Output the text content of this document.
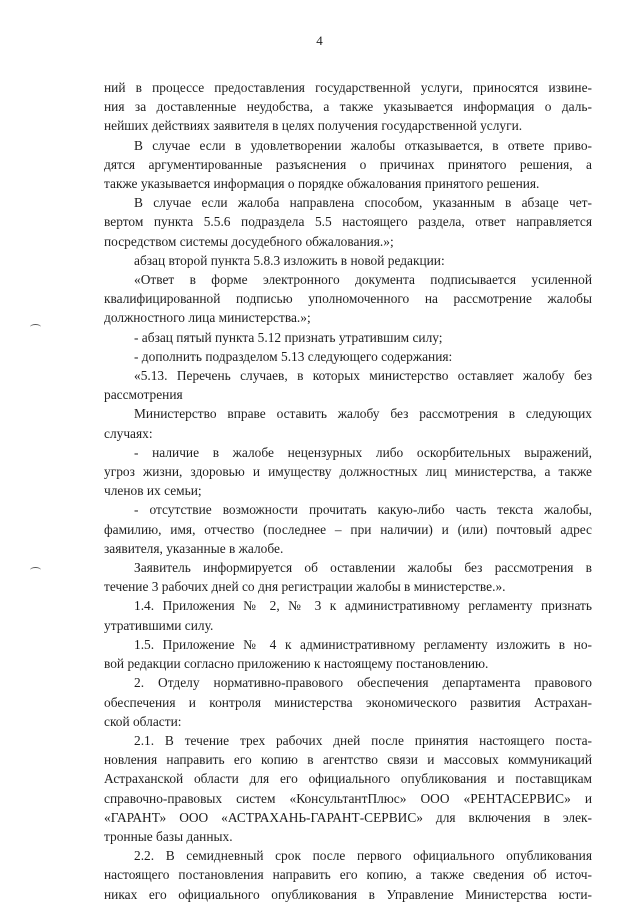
4
ний в процессе предоставления государственной услуги, приносятся извине-
ния за доставленные неудобства, а также указывается информация о даль-
нейших действиях заявителя в целях получения государственной услуги.
В случае если в удовлетворении жалобы отказывается, в ответе приво-
дятся аргументированные разъяснения о причинах принятого решения, а
также указывается информация о порядке обжалования принятого решения.
В случае если жалоба направлена способом, указанным в абзаце чет-
вертом пункта 5.5.6 подраздела 5.5 настоящего раздела, ответ направляется
посредством системы досудебного обжалования.»;
абзац второй пункта 5.8.3 изложить в новой редакции:
«Ответ в форме электронного документа подписывается усиленной
квалифицированной подписью уполномоченного на рассмотрение жалобы
должностного лица министерства.»;
- абзац пятый пункта 5.12 признать утратившим силу;
- дополнить подразделом 5.13 следующего содержания:
«5.13. Перечень случаев, в которых министерство оставляет жалобу без
рассмотрения
Министерство вправе оставить жалобу без рассмотрения в следующих
случаях:
- наличие в жалобе нецензурных либо оскорбительных выражений,
угроз жизни, здоровью и имуществу должностных лиц министерства, а также
членов их семьи;
- отсутствие возможности прочитать какую-либо часть текста жалобы,
фамилию, имя, отчество (последнее – при наличии) и (или) почтовый адрес
заявителя, указанные в жалобе.
Заявитель информируется об оставлении жалобы без рассмотрения в
течение 3 рабочих дней со дня регистрации жалобы в министерстве.».
1.4. Приложения № 2, № 3 к административному регламенту признать
утратившими силу.
1.5. Приложение № 4 к административному регламенту изложить в но-
вой редакции согласно приложению к настоящему постановлению.
2. Отделу нормативно-правового обеспечения департамента правового
обеспечения и контроля министерства экономического развития Астрахан-
ской области:
2.1. В течение трех рабочих дней после принятия настоящего поста-
новления направить его копию в агентство связи и массовых коммуникаций
Астраханской области для его официального опубликования и поставщикам
справочно-правовых систем «КонсультантПлюс» ООО «РЕНТАСЕРВИС» и
«ГАРАНТ» ООО «АСТРАХАНЬ-ГАРАНТ-СЕРВИС» для включения в элек-
тронные базы данных.
2.2. В семидневный срок после первого официального опубликования
настоящего постановления направить его копию, а также сведения об источ-
никах его официального опубликования в Управление Министерства юсти-
